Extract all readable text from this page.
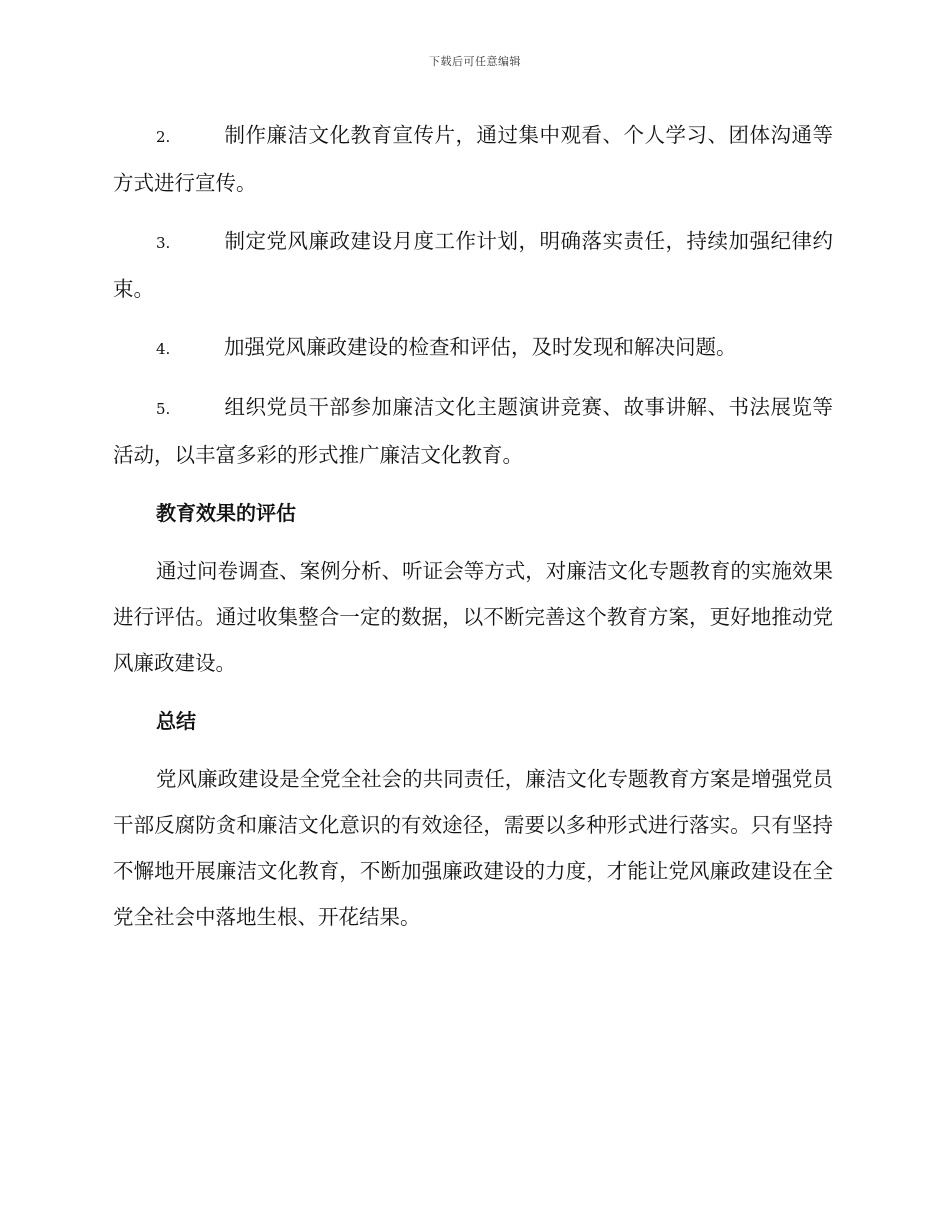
下载后可任意编辑

2.	制作廉洁文化教育宣传片，通过集中观看、个人学习、团体沟通等方式进行宣传。

3.	制定党风廉政建设月度工作计划，明确落实责任，持续加强纪律约束。

4.	加强党风廉政建设的检查和评估，及时发现和解决问题。

5.	组织党员干部参加廉洁文化主题演讲竞赛、故事讲解、书法展览等活动，以丰富多彩的形式推广廉洁文化教育。

教育效果的评估

通过问卷调查、案例分析、听证会等方式，对廉洁文化专题教育的实施效果进行评估。通过收集整合一定的数据，以不断完善这个教育方案，更好地推动党风廉政建设。

总结

党风廉政建设是全党全社会的共同责任，廉洁文化专题教育方案是增强党员干部反腐防贪和廉洁文化意识的有效途径，需要以多种形式进行落实。只有坚持不懈地开展廉洁文化教育，不断加强廉政建设的力度，才能让党风廉政建设在全党全社会中落地生根、开花结果。
